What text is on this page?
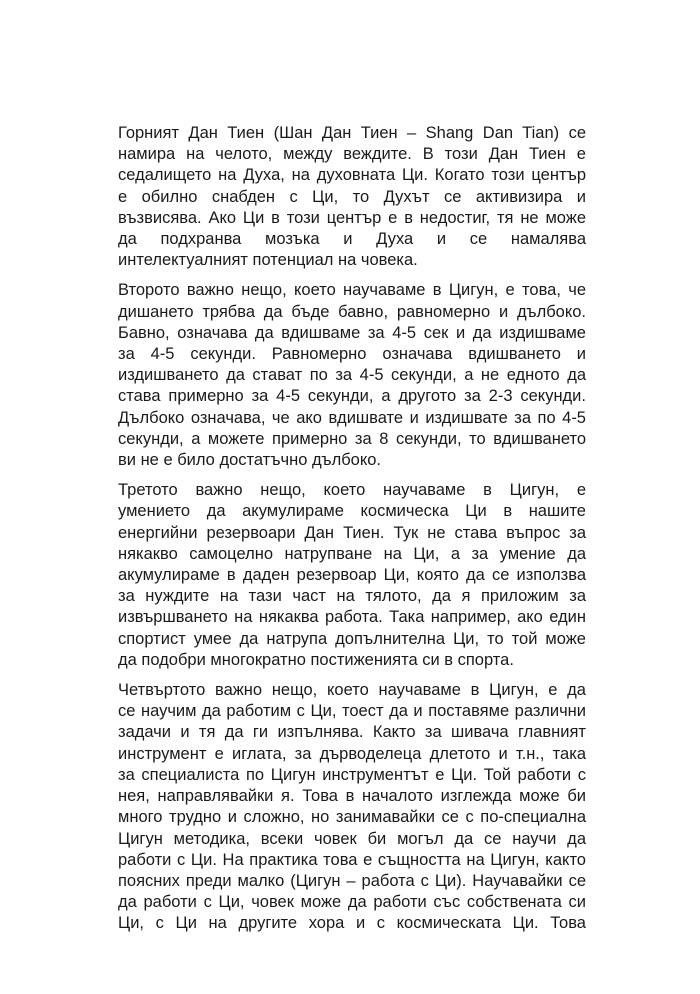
Горният Дан Тиен (Шан Дан Тиен – Shang Dan Tian) се
намира на челото, между веждите. В този Дан Тиен е
седалището на Духа, на духовната Ци. Когато този център
е обилно снабден с Ци, то Духът се активизира и
възвисява. Ако Ци в този център е в недостиг, тя не може
да подхранва мозъка и Духа и се намалява
интелектуалният потенциал на човека.
Второто важно нещо, което научаваме в Цигун, е това, че
дишането трябва да бъде бавно, равномерно и дълбоко.
Бавно, означава да вдишваме за 4-5 сек и да издишваме
за 4-5 секунди. Равномерно означава вдишването и
издишването да стават по за 4-5 секунди, а не едното да
става примерно за 4-5 секунди, а другото за 2-3 секунди.
Дълбоко означава, че ако вдишвате и издишвате за по 4-5
секунди, а можете примерно за 8 секунди, то вдишването
ви не е било достатъчно дълбоко.
Третото важно нещо, което научаваме в Цигун, е
умението да акумулираме космическа Ци в нашите
енергийни резервоари Дан Тиен. Тук не става въпрос за
някакво самоцелно натрупване на Ци, а за умение да
акумулираме в даден резервоар Ци, която да се използва
за нуждите на тази част на тялото, да я приложим за
извършването на някаква работа. Така например, ако един
спортист умее да натрупа допълнителна Ци, то той може
да подобри многократно постиженията си в спорта.
Четвъртото важно нещо, което научаваме в Цигун, е да
се научим да работим с Ци, тоест да и поставяме различни
задачи и тя да ги изпълнява. Както за шивача главният
инструмент е иглата, за дърводелеца длетото и т.н., така
за специалиста по Цигун инструментът е Ци. Той работи с
нея, направлявайки я. Това в началото изглежда може би
много трудно и сложно, но занимавайки се с по-специална
Цигун методика, всеки човек би могъл да се научи да
работи с Ци. На практика това е същността на Цигун, както
поясних преди малко (Цигун – работа с Ци). Научавайки се
да работи с Ци, човек може да работи със собствената си
Ци, с Ци на другите хора и с космическата Ци. Това
